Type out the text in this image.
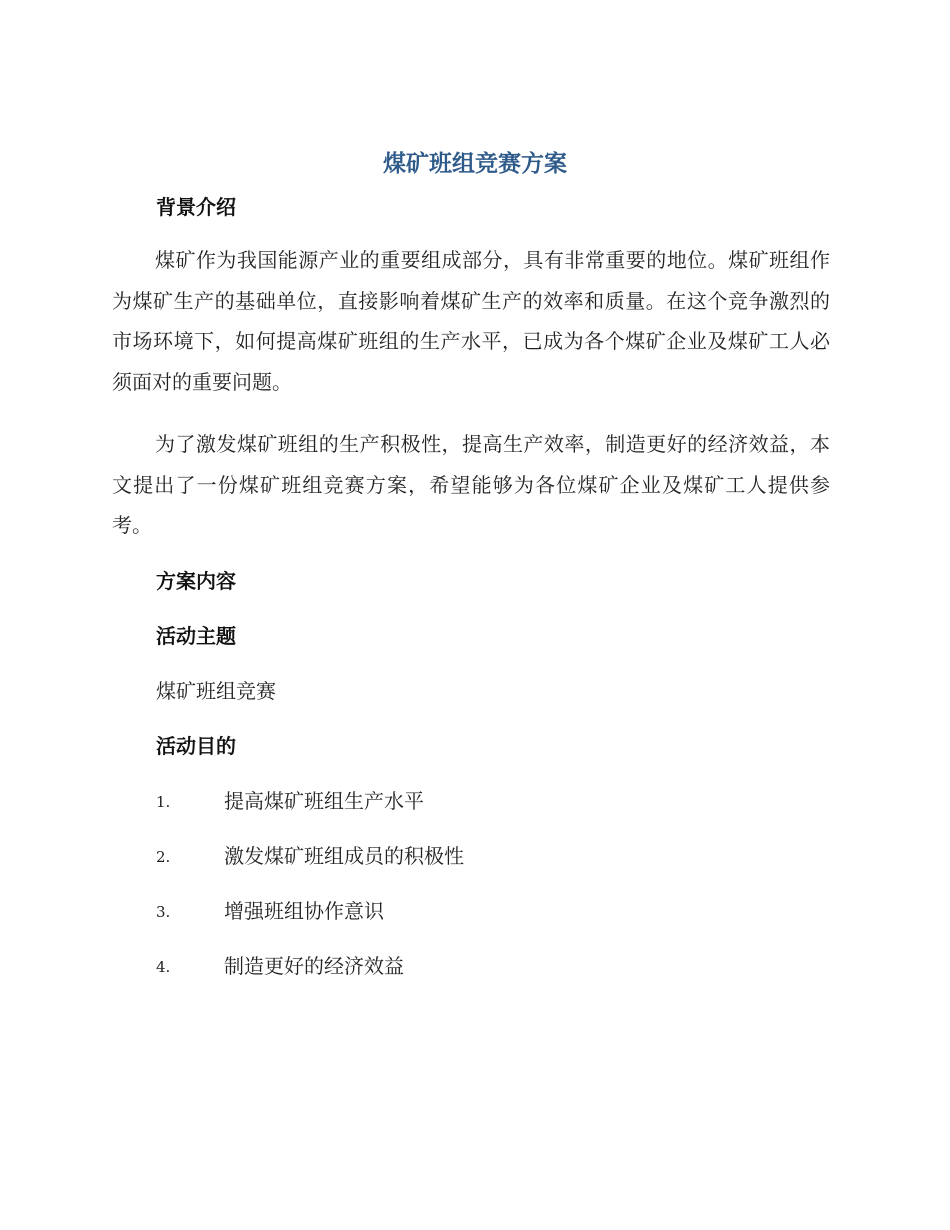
煤矿班组竞赛方案
背景介绍
煤矿作为我国能源产业的重要组成部分，具有非常重要的地位。煤矿班组作为煤矿生产的基础单位，直接影响着煤矿生产的效率和质量。在这个竞争激烈的市场环境下，如何提高煤矿班组的生产水平，已成为各个煤矿企业及煤矿工人必须面对的重要问题。
为了激发煤矿班组的生产积极性，提高生产效率，制造更好的经济效益，本文提出了一份煤矿班组竞赛方案，希望能够为各位煤矿企业及煤矿工人提供参考。
方案内容
活动主题
煤矿班组竞赛
活动目的
1.	提高煤矿班组生产水平
2.	激发煤矿班组成员的积极性
3.	增强班组协作意识
4.	制造更好的经济效益
